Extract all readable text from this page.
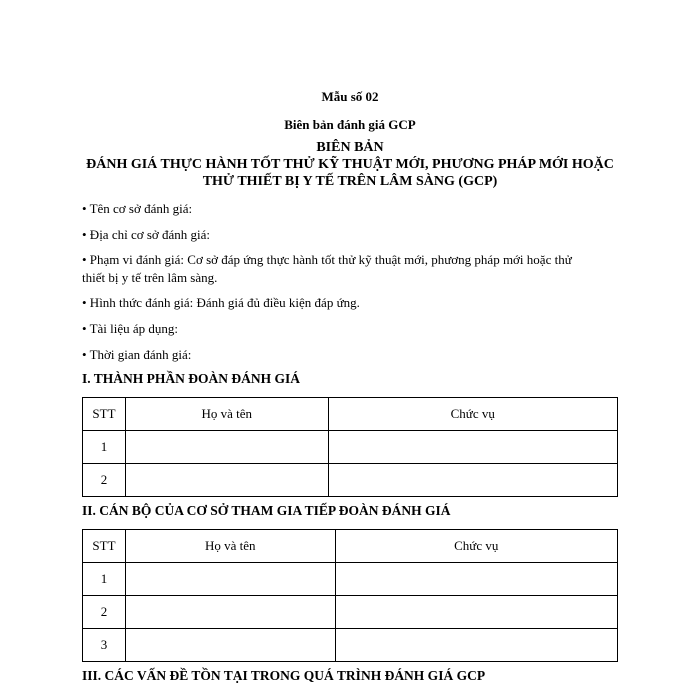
Mẫu số 02
Biên bản đánh giá GCP
BIÊN BẢN
ĐÁNH GIÁ THỰC HÀNH TỐT THỬ KỸ THUẬT MỚI, PHƯƠNG PHÁP MỚI HOẶC
THỬ THIẾT BỊ Y TẾ TRÊN LÂM SÀNG (GCP)
• Tên cơ sở đánh giá:
• Địa chỉ cơ sở đánh giá:
• Phạm vi đánh giá: Cơ sở đáp ứng thực hành tốt thử kỹ thuật mới, phương pháp mới hoặc thử
thiết bị y tế trên lâm sàng.
• Hình thức đánh giá: Đánh giá đủ điều kiện đáp ứng.
• Tài liệu áp dụng:
• Thời gian đánh giá:
I. THÀNH PHẦN ĐOÀN ĐÁNH GIÁ
STT	Họ và tên	Chức vụ
1		
2		
II. CÁN BỘ CỦA CƠ SỞ THAM GIA TIẾP ĐOÀN ĐÁNH GIÁ
STT	Họ và tên	Chức vụ
1		
2		
3		
III. CÁC VẤN ĐỀ TỒN TẠI TRONG QUÁ TRÌNH ĐÁNH GIÁ GCP
